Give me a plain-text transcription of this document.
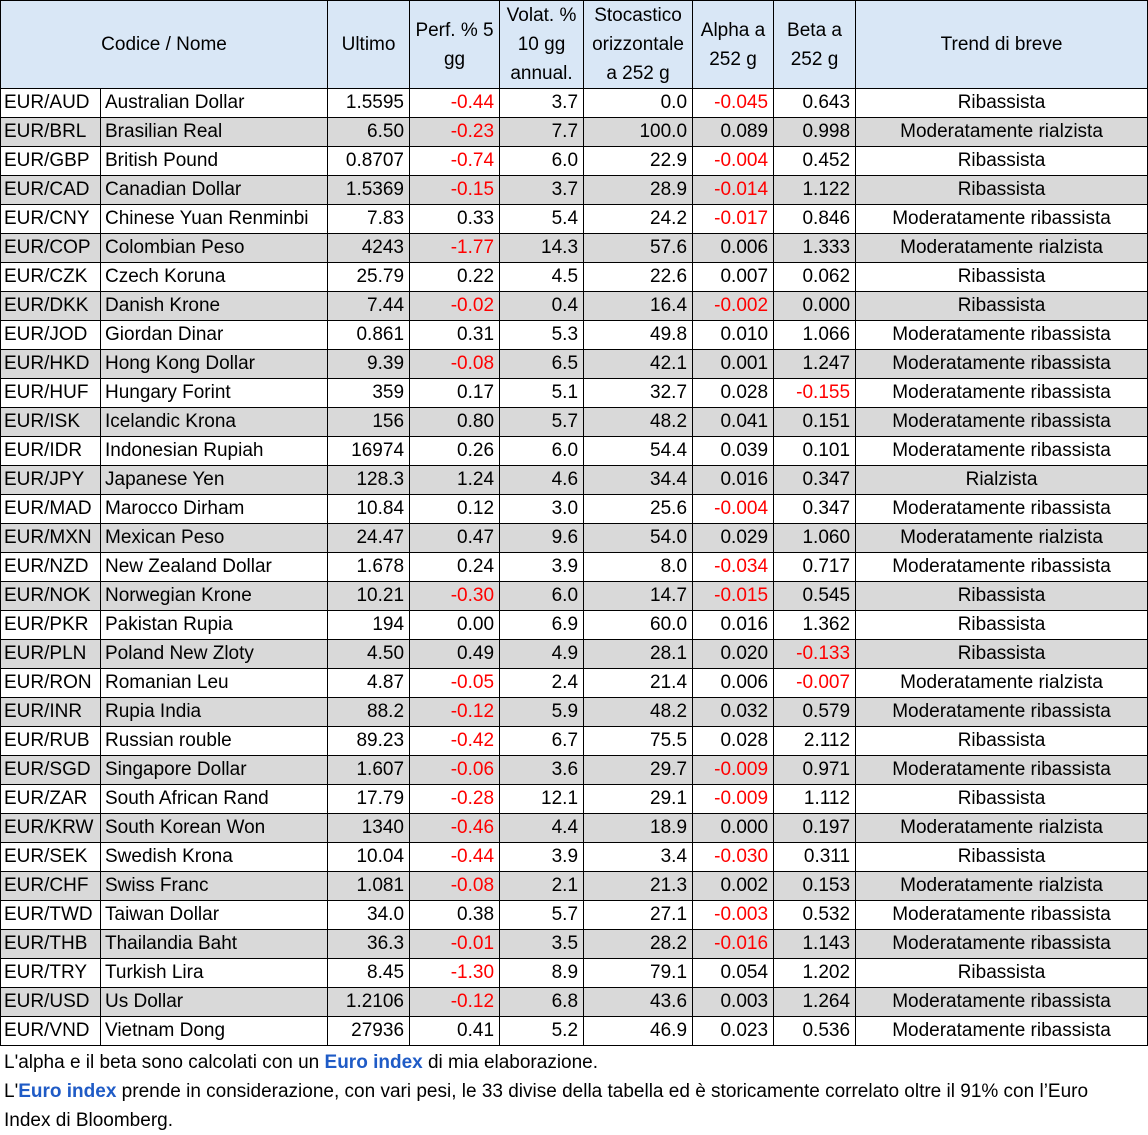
Codice / Nome		Ultimo	Perf. % 5 gg	Volat. % 10 gg annual.	Stocastico orizzontale a 252 g	Alpha a 252 g	Beta a 252 g	Trend di breve
EUR/AUD	Australian Dollar	1.5595	-0.44	3.7	0.0	-0.045	0.643	Ribassista
EUR/BRL	Brasilian Real	6.50	-0.23	7.7	100.0	0.089	0.998	Moderatamente rialzista
EUR/GBP	British Pound	0.8707	-0.74	6.0	22.9	-0.004	0.452	Ribassista
EUR/CAD	Canadian Dollar	1.5369	-0.15	3.7	28.9	-0.014	1.122	Ribassista
EUR/CNY	Chinese Yuan Renminbi	7.83	0.33	5.4	24.2	-0.017	0.846	Moderatamente ribassista
EUR/COP	Colombian Peso	4243	-1.77	14.3	57.6	0.006	1.333	Moderatamente rialzista
EUR/CZK	Czech Koruna	25.79	0.22	4.5	22.6	0.007	0.062	Ribassista
EUR/DKK	Danish Krone	7.44	-0.02	0.4	16.4	-0.002	0.000	Ribassista
EUR/JOD	Giordan Dinar	0.861	0.31	5.3	49.8	0.010	1.066	Moderatamente ribassista
EUR/HKD	Hong Kong Dollar	9.39	-0.08	6.5	42.1	0.001	1.247	Moderatamente ribassista
EUR/HUF	Hungary Forint	359	0.17	5.1	32.7	0.028	-0.155	Moderatamente ribassista
EUR/ISK	Icelandic Krona	156	0.80	5.7	48.2	0.041	0.151	Moderatamente ribassista
EUR/IDR	Indonesian Rupiah	16974	0.26	6.0	54.4	0.039	0.101	Moderatamente ribassista
EUR/JPY	Japanese Yen	128.3	1.24	4.6	34.4	0.016	0.347	Rialzista
EUR/MAD	Marocco Dirham	10.84	0.12	3.0	25.6	-0.004	0.347	Moderatamente ribassista
EUR/MXN	Mexican Peso	24.47	0.47	9.6	54.0	0.029	1.060	Moderatamente rialzista
EUR/NZD	New Zealand Dollar	1.678	0.24	3.9	8.0	-0.034	0.717	Moderatamente ribassista
EUR/NOK	Norwegian Krone	10.21	-0.30	6.0	14.7	-0.015	0.545	Ribassista
EUR/PKR	Pakistan Rupia	194	0.00	6.9	60.0	0.016	1.362	Ribassista
EUR/PLN	Poland New Zloty	4.50	0.49	4.9	28.1	0.020	-0.133	Ribassista
EUR/RON	Romanian Leu	4.87	-0.05	2.4	21.4	0.006	-0.007	Moderatamente rialzista
EUR/INR	Rupia India	88.2	-0.12	5.9	48.2	0.032	0.579	Moderatamente ribassista
EUR/RUB	Russian rouble	89.23	-0.42	6.7	75.5	0.028	2.112	Ribassista
EUR/SGD	Singapore Dollar	1.607	-0.06	3.6	29.7	-0.009	0.971	Moderatamente ribassista
EUR/ZAR	South African Rand	17.79	-0.28	12.1	29.1	-0.009	1.112	Ribassista
EUR/KRW	South Korean Won	1340	-0.46	4.4	18.9	0.000	0.197	Moderatamente rialzista
EUR/SEK	Swedish Krona	10.04	-0.44	3.9	3.4	-0.030	0.311	Ribassista
EUR/CHF	Swiss Franc	1.081	-0.08	2.1	21.3	0.002	0.153	Moderatamente rialzista
EUR/TWD	Taiwan Dollar	34.0	0.38	5.7	27.1	-0.003	0.532	Moderatamente ribassista
EUR/THB	Thailandia Baht	36.3	-0.01	3.5	28.2	-0.016	1.143	Moderatamente ribassista
EUR/TRY	Turkish Lira	8.45	-1.30	8.9	79.1	0.054	1.202	Ribassista
EUR/USD	Us Dollar	1.2106	-0.12	6.8	43.6	0.003	1.264	Moderatamente ribassista
EUR/VND	Vietnam Dong	27936	0.41	5.2	46.9	0.023	0.536	Moderatamente ribassista
L'alpha e il beta sono calcolati con un Euro index di mia elaborazione.
L'Euro index prende in considerazione, con vari pesi, le 33 divise della tabella ed è storicamente correlato oltre il 91% con l’Euro Index di Bloomberg.
